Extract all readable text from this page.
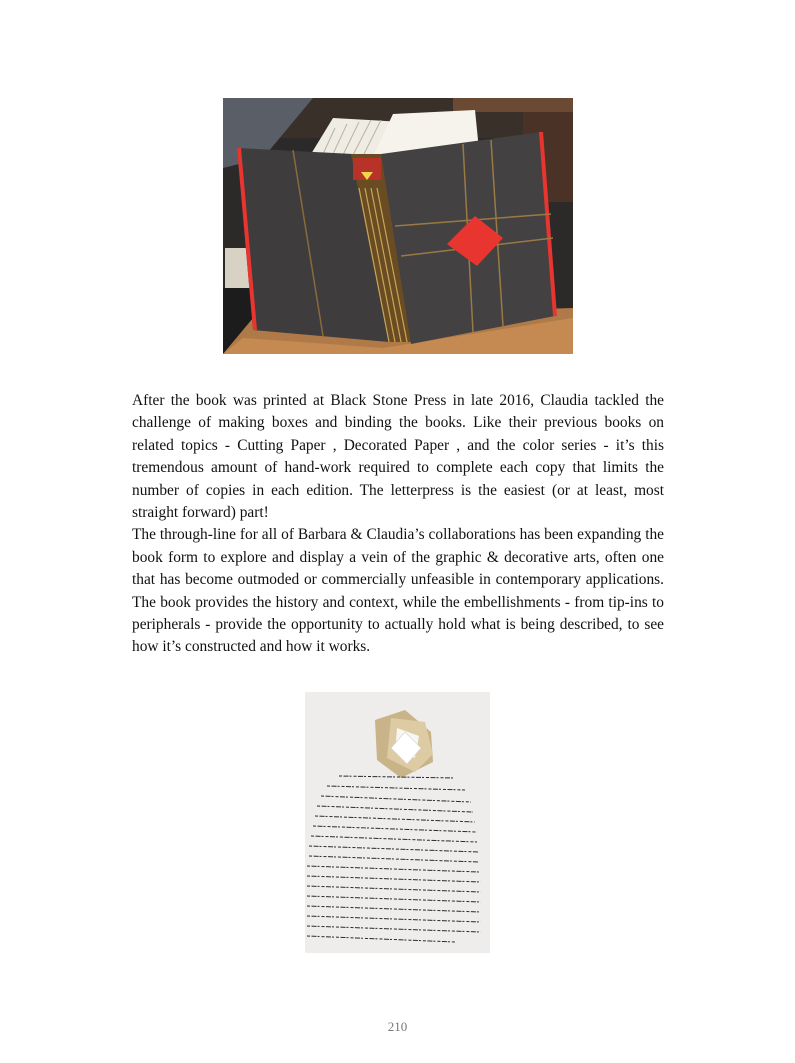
After the book was printed at Black Stone Press in late 2016, Claudia tackled the challenge of making boxes and binding the books. Like their previous books on related topics - Cutting Paper , Decorated Paper , and the color series - it’s this tremendous amount of hand-work required to complete each copy that limits the number of copies in each edition. The letterpress is the easiest (or at least, most straight forward) part!

The through-line for all of Barbara & Claudia’s collaborations has been expanding the book form to explore and display a vein of the graphic & decorative arts, often one that has become outmoded or commercially unfeasible in contemporary applications. The book provides the history and context, while the embellishments - from tip-ins to peripherals - provide the opportunity to actually hold what is being described, to see how it’s constructed and how it works.

210
